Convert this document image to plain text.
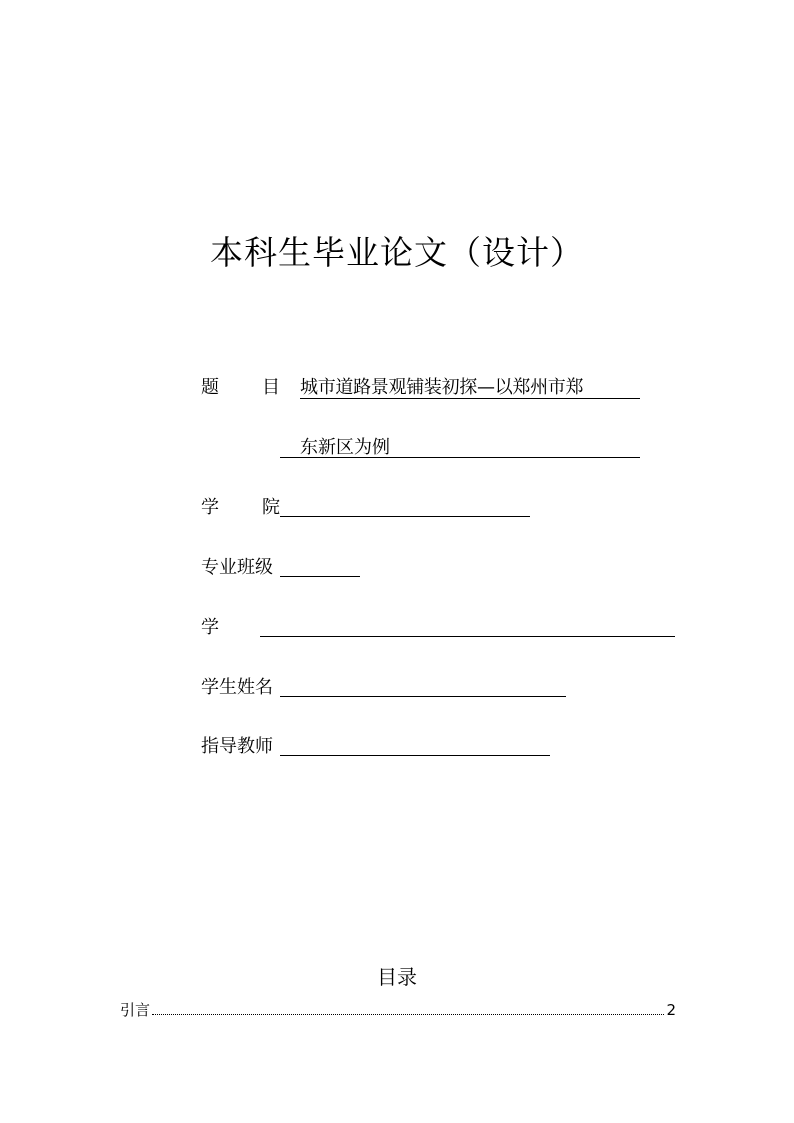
本科生毕业论文（设计）
题 目 城市道路景观铺装初探—以郑州市郑
东新区为例
学 院
专业班级
学
学生姓名
指导教师
目录
引言	2
